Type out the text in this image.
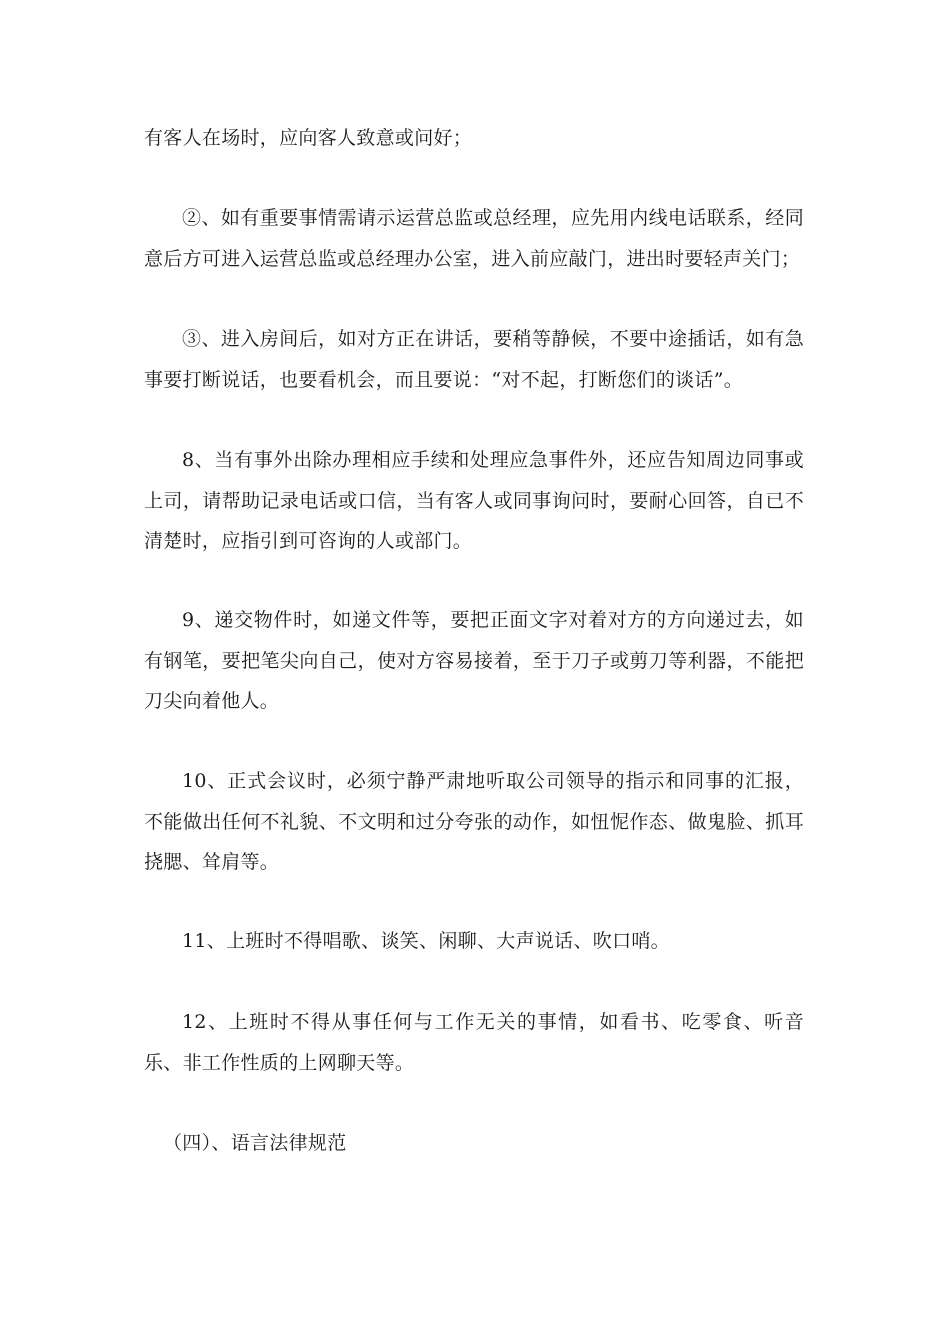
有客人在场时，应向客人致意或问好；

②、如有重要事情需请示运营总监或总经理，应先用内线电话联系，经同意后方可进入运营总监或总经理办公室，进入前应敲门，进出时要轻声关门；

③、进入房间后，如对方正在讲话，要稍等静候，不要中途插话，如有急事要打断说话，也要看机会，而且要说：“对不起，打断您们的谈话”。

8、当有事外出除办理相应手续和处理应急事件外，还应告知周边同事或上司，请帮助记录电话或口信，当有客人或同事询问时，要耐心回答，自已不清楚时，应指引到可咨询的人或部门。

9、递交物件时，如递文件等，要把正面文字对着对方的方向递过去，如有钢笔，要把笔尖向自己，使对方容易接着，至于刀子或剪刀等利器，不能把刀尖向着他人。

10、正式会议时，必须宁静严肃地听取公司领导的指示和同事的汇报，不能做出任何不礼貌、不文明和过分夸张的动作，如忸怩作态、做鬼脸、抓耳挠腮、耸肩等。

11、上班时不得唱歌、谈笑、闲聊、大声说话、吹口哨。

12、上班时不得从事任何与工作无关的事情，如看书、吃零食、听音乐、非工作性质的上网聊天等。

（四）、语言法律规范
